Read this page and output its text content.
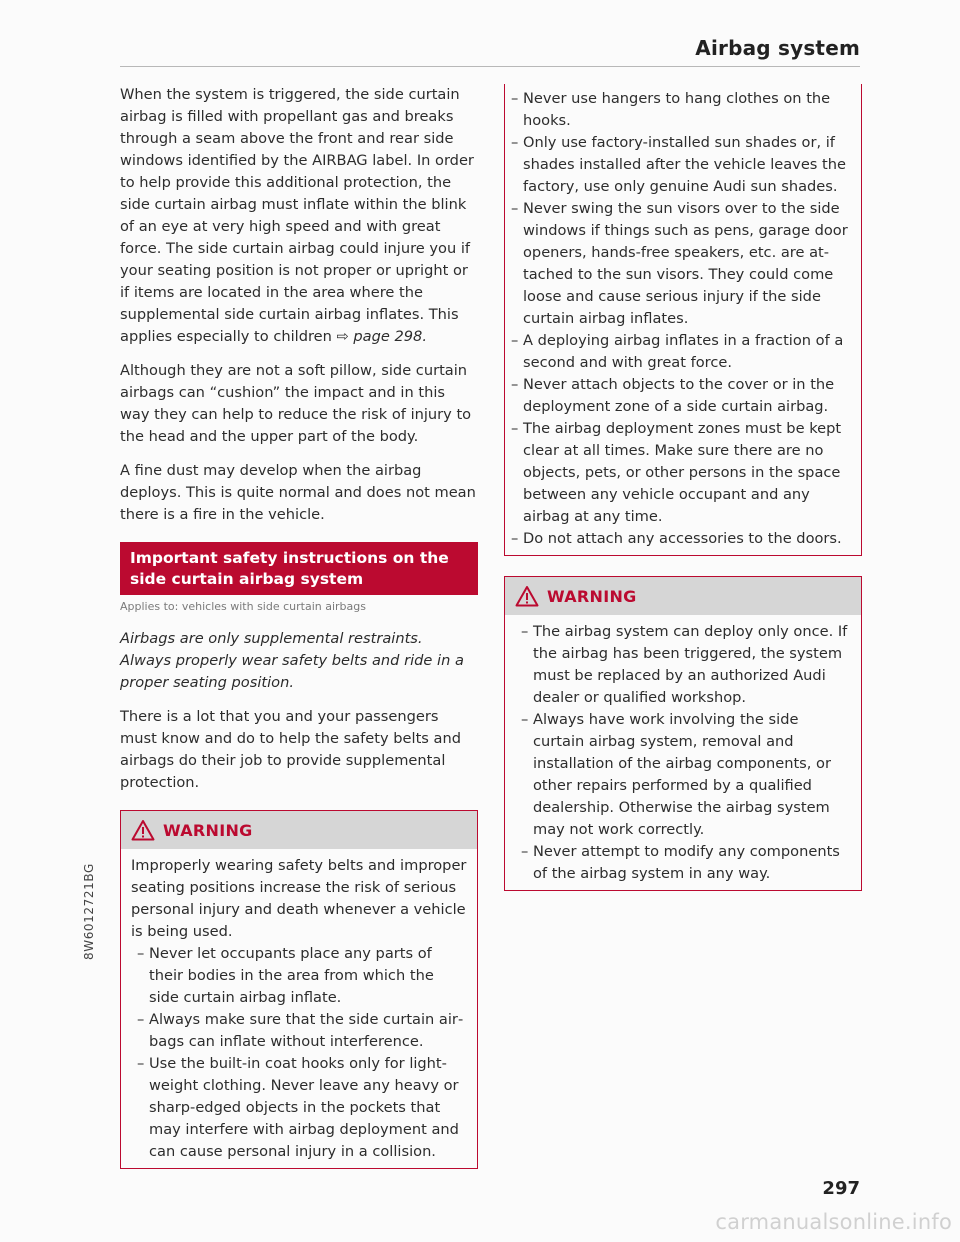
Airbag system

When the system is triggered, the side curtain airbag is filled with propellant gas and breaks through a seam above the front and rear side windows identified by the AIRBAG label. In order to help provide this additional protection, the side curtain airbag must inflate within the blink of an eye at very high speed and with great force. The side curtain airbag could injure you if your seating position is not proper or upright or if items are located in the area where the supplemental side curtain airbag inflates. This applies especially to children ⇨ page 298.

Although they are not a soft pillow, side curtain airbags can “cushion” the impact and in this way they can help to reduce the risk of injury to the head and the upper part of the body.

A fine dust may develop when the airbag deploys. This is quite normal and does not mean there is a fire in the vehicle.

Important safety instructions on the side curtain airbag system
Applies to: vehicles with side curtain airbags

Airbags are only supplemental restraints. Always properly wear safety belts and ride in a proper seating position.

There is a lot that you and your passengers must know and do to help the safety belts and airbags do their job to provide supplemental protection.

WARNING

Improperly wearing safety belts and improper seating positions increase the risk of serious personal injury and death whenever a vehicle is being used.

– Never let occupants place any parts of their bodies in the area from which the side curtain airbag inflate.
– Always make sure that the side curtain airbags can inflate without interference.
– Use the built-in coat hooks only for lightweight clothing. Never leave any heavy or sharp-edged objects in the pockets that may interfere with airbag deployment and can cause personal injury in a collision.
– Never use hangers to hang clothes on the hooks.
– Only use factory-installed sun shades or, if shades installed after the vehicle leaves the factory, use only genuine Audi sun shades.
– Never swing the sun visors over to the side windows if things such as pens, garage door openers, hands-free speakers, etc. are attached to the sun visors. They could come loose and cause serious injury if the side curtain airbag inflates.
– A deploying airbag inflates in a fraction of a second and with great force.
– Never attach objects to the cover or in the deployment zone of a side curtain airbag.
– The airbag deployment zones must be kept clear at all times. Make sure there are no objects, pets, or other persons in the space between any vehicle occupant and any airbag at any time.
– Do not attach any accessories to the doors.
WARNING
– The airbag system can deploy only once. If the airbag has been triggered, the system must be replaced by an authorized Audi dealer or qualified workshop.
– Always have work involving the side curtain airbag system, removal and installation of the airbag components, or other repairs performed by a qualified dealership. Otherwise the airbag system may not work correctly.
– Never attempt to modify any components of the airbag system in any way.
8W6012721BG
297
carmanualsonline.info
